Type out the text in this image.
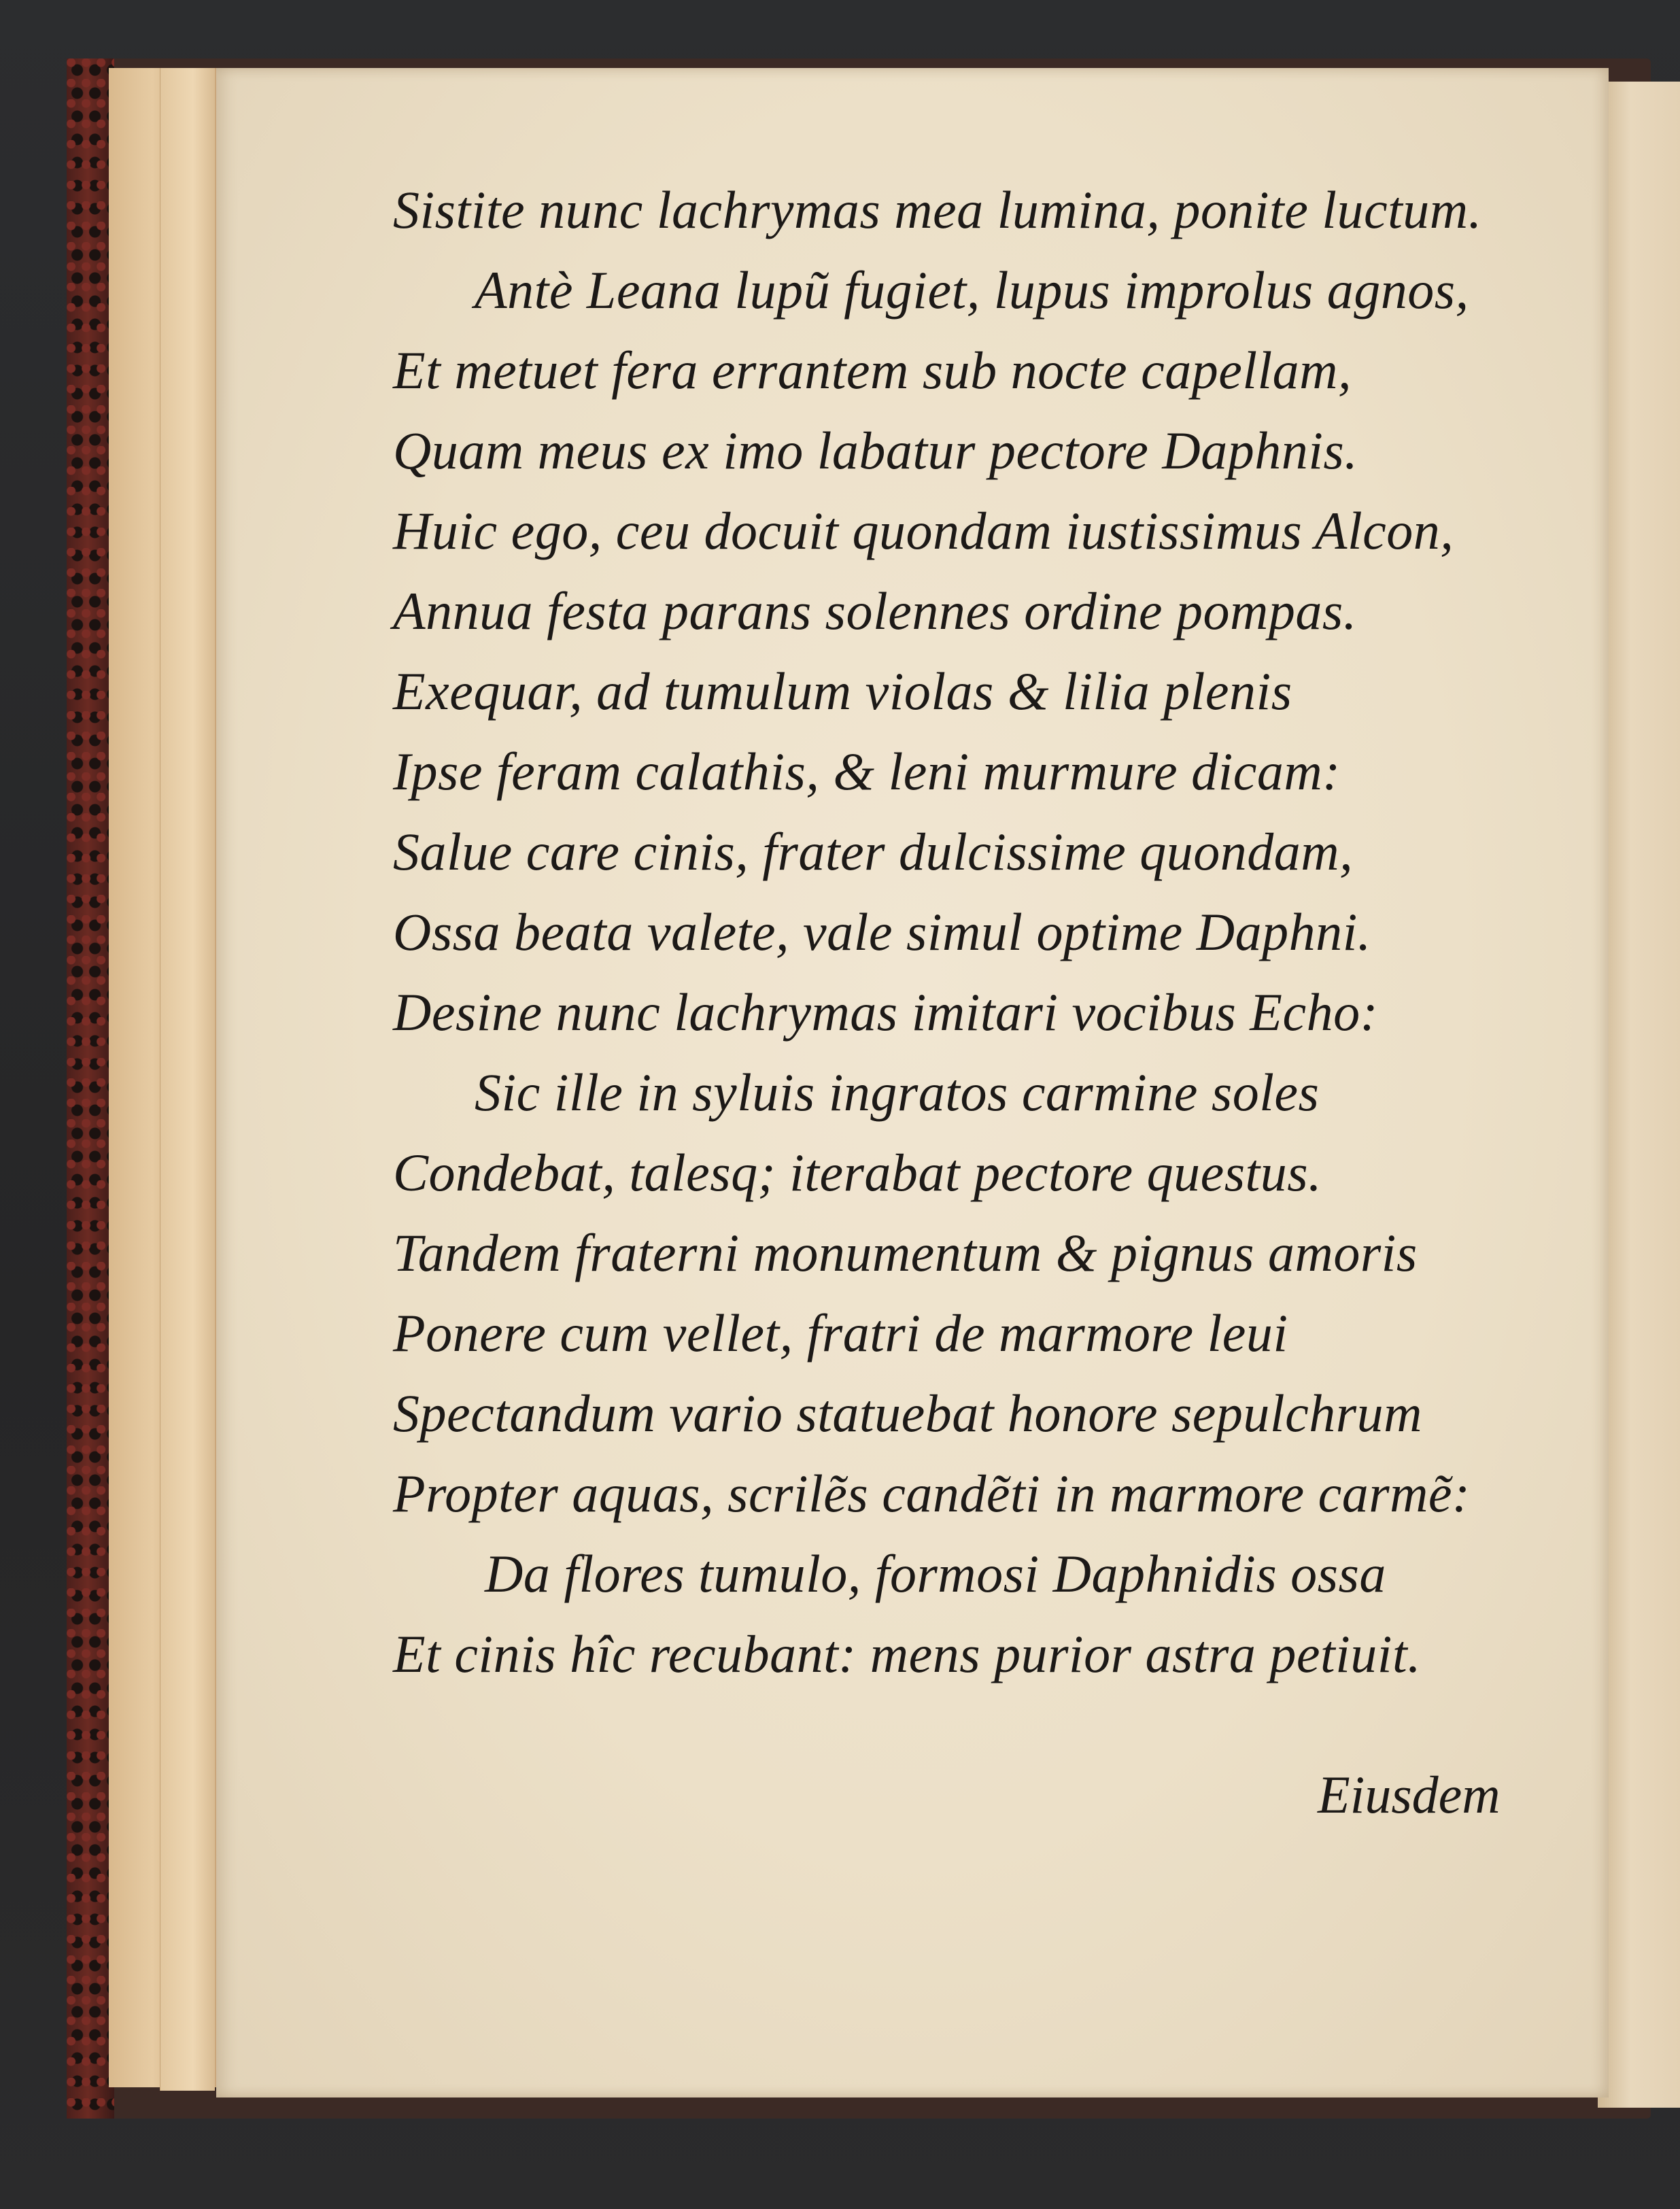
Sistite nunc lachrymas mea lumina, ponite luctum.
Antè Leana lupũ fugiet, lupus improlus agnos,
Et metuet fera errantem sub nocte capellam,
Quam meus ex imo labatur pectore Daphnis.
Huic ego, ceu docuit quondam iustissimus Alcon,
Annua festa parans solennes ordine pompas.
Exequar, ad tumulum violas & lilia plenis
Ipse feram calathis, & leni murmure dicam:
Salue care cinis, frater dulcissime quondam,
Ossa beata valete, vale simul optime Daphni.
Desine nunc lachrymas imitari vocibus Echo:
Sic ille in syluis ingratos carmine soles
Condebat, talesq; iterabat pectore questus.
Tandem fraterni monumentum & pignus amoris
Ponere cum vellet, fratri de marmore leui
Spectandum vario statuebat honore sepulchrum
Propter aquas, scrilẽs candẽti in marmore carmẽ:
Da flores tumulo, formosi Daphnidis ossa
Et cinis hîc recubant: mens purior astra petiuit.
Eiusdem
